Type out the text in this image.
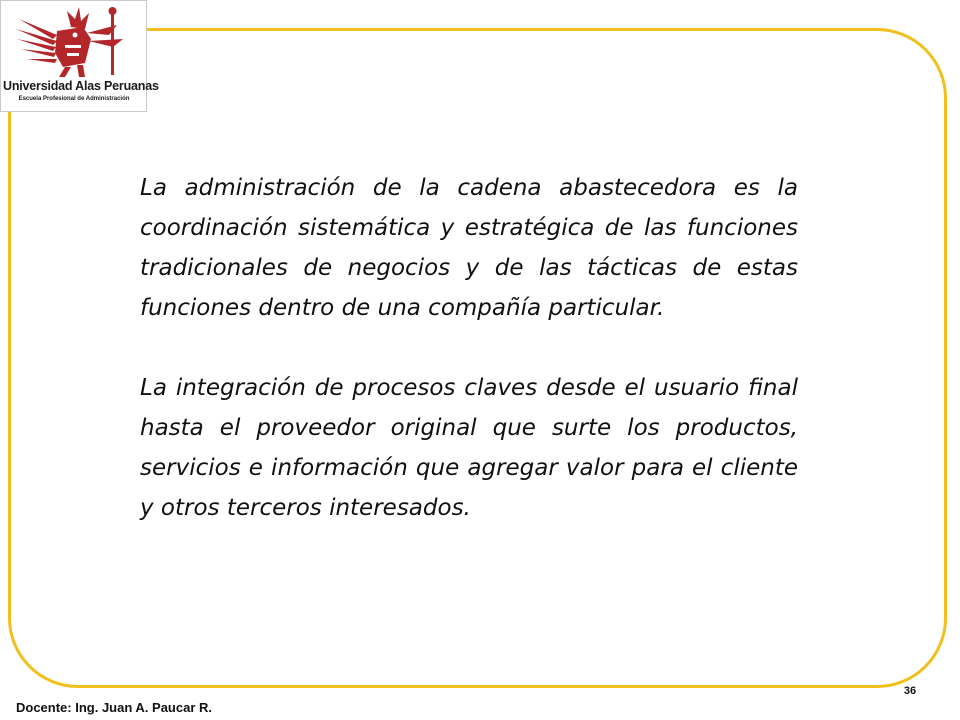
Universidad Alas Peruanas
Escuela Profesional de Administración

La administración de la cadena abastecedora es la coordinación sistemática y estratégica de las funciones tradicionales de negocios y de las tácticas de estas funciones dentro de una compañía particular.

La integración de procesos claves desde el usuario final hasta el proveedor original que surte los productos, servicios e información que agregar valor para el cliente y otros terceros interesados.

36
Docente: Ing. Juan A. Paucar R.
